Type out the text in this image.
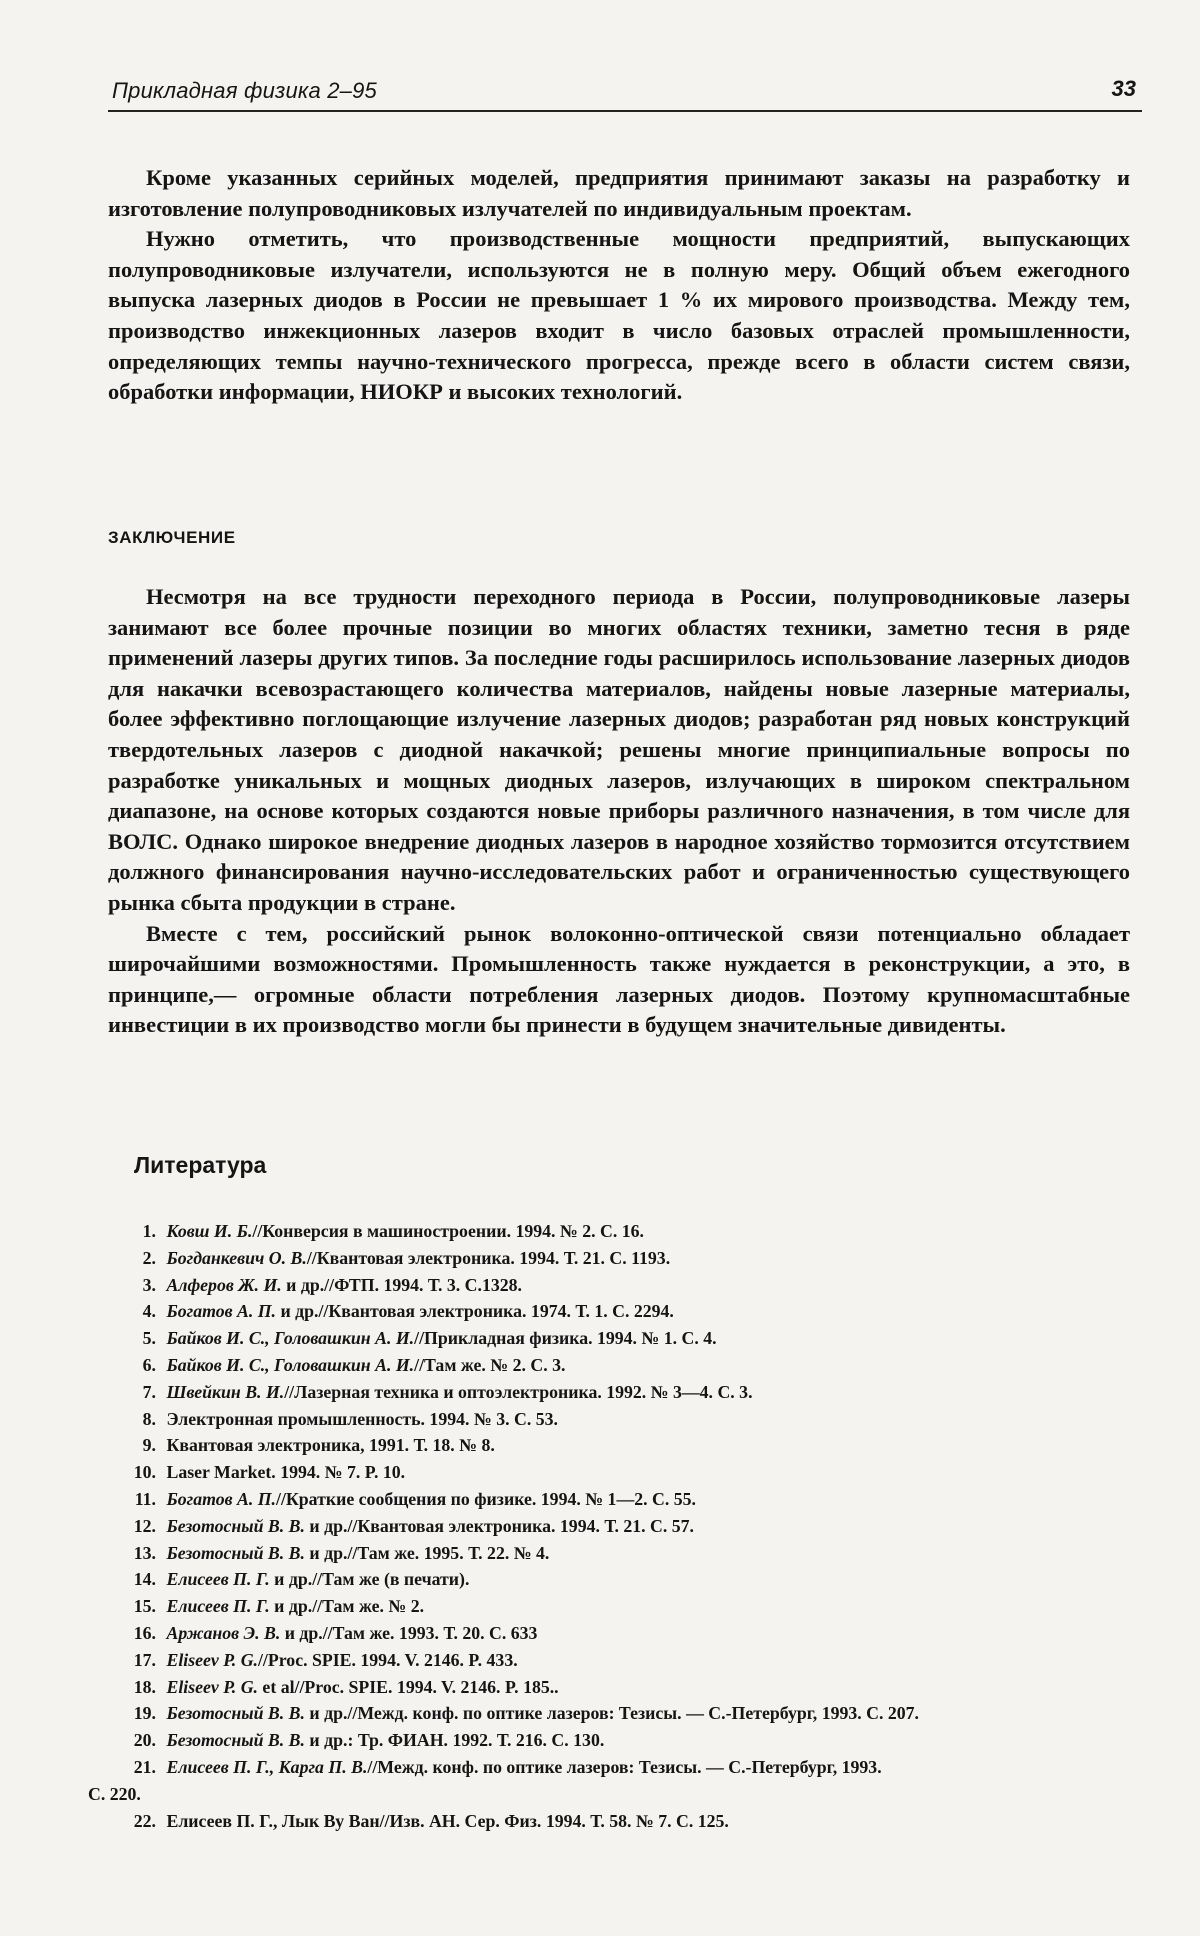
Прикладная физика 2–95	33

Кроме указанных серийных моделей, предприятия принимают заказы на разработку и изготовление полупроводниковых излучателей по индивидуальным проектам.

Нужно отметить, что производственные мощности предприятий, выпускающих полупроводниковые излучатели, используются не в полную меру. Общий объем ежегодного выпуска лазерных диодов в России не превышает 1 % их мирового производства. Между тем, производство инжекционных лазеров входит в число базовых отраслей промышленности, определяющих темпы научно-технического прогресса, прежде всего в области систем связи, обработки информации, НИОКР и высоких технологий.

ЗАКЛЮЧЕНИЕ

Несмотря на все трудности переходного периода в России, полупроводниковые лазеры занимают все более прочные позиции во многих областях техники, заметно тесня в ряде применений лазеры других типов. За последние годы расширилось использование лазерных диодов для накачки всевозрастающего количества материалов, найдены новые лазерные материалы, более эффективно поглощающие излучение лазерных диодов; разработан ряд новых конструкций твердотельных лазеров с диодной накачкой; решены многие принципиальные вопросы по разработке уникальных и мощных диодных лазеров, излучающих в широком спектральном диапазоне, на основе которых создаются новые приборы различного назначения, в том числе для ВОЛС. Однако широкое внедрение диодных лазеров в народное хозяйство тормозится отсутствием должного финансирования научно-исследовательских работ и ограниченностью существующего рынка сбыта продукции в стране.

Вместе с тем, российский рынок волоконно-оптической связи потенциально обладает широчайшими возможностями. Промышленность также нуждается в реконструкции, а это, в принципе,— огромные области потребления лазерных диодов. Поэтому крупномасштабные инвестиции в их производство могли бы принести в будущем значительные дивиденты.

Литература
1. Ковш И. Б.//Конверсия в машиностроении. 1994. № 2. С. 16.
2. Богданкевич О. В.//Квантовая электроника. 1994. Т. 21. С. 1193.
3. Алферов Ж. И. и др.//ФТП. 1994. Т. 3. С.1328.
4. Богатов А. П. и др.//Квантовая электроника. 1974. Т. 1. С. 2294.
5. Байков И. С., Головашкин А. И.//Прикладная физика. 1994. № 1. С. 4.
6. Байков И. С., Головашкин А. И.//Там же. № 2. С. 3.
7. Швейкин В. И.//Лазерная техника и оптоэлектроника. 1992. № 3—4. С. 3.
8. Электронная промышленность. 1994. № 3. С. 53.
9. Квантовая электроника, 1991. Т. 18. № 8.
10. Laser Market. 1994. № 7. P. 10.
11. Богатов А. П.//Краткие сообщения по физике. 1994. № 1—2. С. 55.
12. Безотосный В. В. и др.//Квантовая электроника. 1994. Т. 21. С. 57.
13. Безотосный В. В. и др.//Там же. 1995. Т. 22. № 4.
14. Елисеев П. Г. и др.//Там же (в печати).
15. Елисеев П. Г. и др.//Там же. № 2.
16. Аржанов Э. В. и др.//Там же. 1993. Т. 20. С. 633
17. Eliseev P. G.//Proc. SPIE. 1994. V. 2146. P. 433.
18. Eliseev P. G. et al//Proc. SPIE. 1994. V. 2146. P. 185..
19. Безотосный В. В. и др.//Межд. конф. по оптике лазеров: Тезисы. — С.-Петербург, 1993. С. 207.
20. Безотосный В. В. и др.: Тр. ФИАН. 1992. Т. 216. С. 130.
21. Елисеев П. Г., Карга П. В.//Межд. конф. по оптике лазеров: Тезисы. — С.-Петербург, 1993.
С. 220.
22. Елисеев П. Г., Лык Ву Ван//Изв. АН. Сер. Физ. 1994. Т. 58. № 7. С. 125.
